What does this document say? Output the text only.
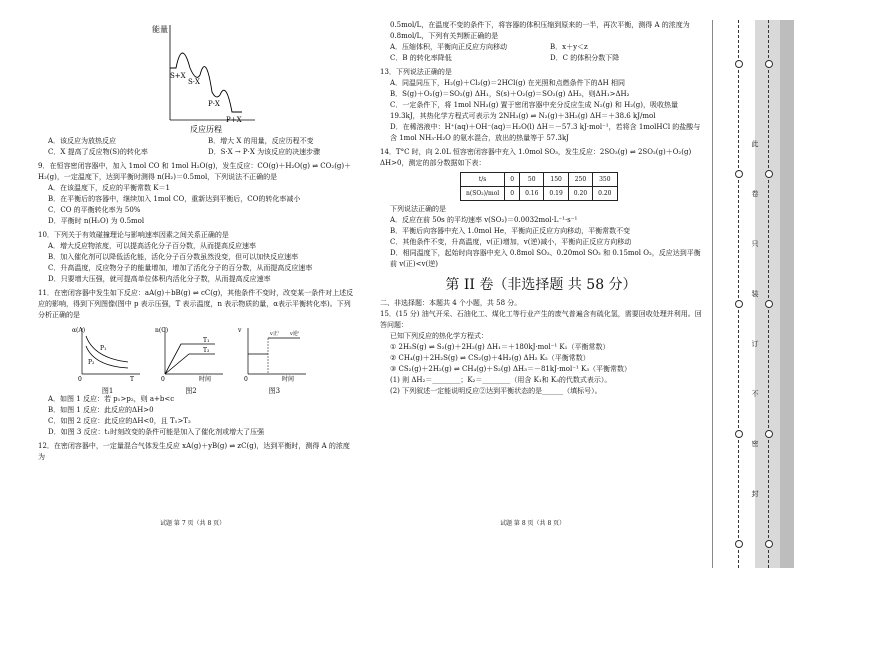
能量
反应历程
S+X
S·X
P·X
P+X

A．该反应为放热反应	B．增大 X 的用量，反应历程不变

C．X 提高了反应物(S)的转化率	D．S·X → P·X 为该反应的决速步骤

9．在恒容密闭容器中，加入 1mol CO 和 1mol H₂O(g)，发生反应：CO(g)＋H₂O(g) ⇌ CO₂(g)＋H₂(g)，一定温度下，达到平衡时测得 n(H₂)＝0.5mol，下列说法不正确的是

A．在该温度下，反应的平衡常数 K＝1

B．在平衡后的容器中，继续加入 1mol CO，重新达到平衡后，CO的转化率减小

C．CO 的平衡转化率为 50%

D．平衡时 n(H₂O) 为 0.5mol

10．下列关于有效碰撞理论与影响速率因素之间关系正确的是

A．增大反应物浓度，可以提高活化分子百分数，从而提高反应速率

B．加入催化剂可以降低活化能，活化分子百分数虽然没变，但可以加快反应速率

C．升高温度，反应物分子的能量增加，增加了活化分子的百分数，从而提高反应速率

D．只要增大压强，就可提高单位体积内活化分子数，从而提高反应速率

11．在密闭容器中发生如下反应：aA(g)＋bB(g) ⇌ cC(g)，其他条件不变时，改变某一条件对上述反应的影响，得到下列图像(图中 p 表示压强，T 表示温度，n 表示物质的量，α表示平衡转化率)。下列分析正确的是

α(A)
T
P₁
P₂
0
图1
n(C)
时间
T₁
T₂
0
图2
v
时间
v正' v逆'
0
图3

A．如图 1 反应：若 p₁>p₂，则 a+b<c

B．如图 1 反应：此反应的ΔH>0

C．如图 2 反应：此反应的ΔH<0，且 T₁>T₂

D．如图 3 反应：t₁时刻改变的条件可能是加入了催化剂或增大了压强

12．在密闭容器中，一定量混合气体发生反应 xA(g)＋yB(g) ⇌ zC(g)，达到平衡时，测得 A 的浓度为

试题 第 7 页（共 8 页）

0.5mol/L，在温度不变的条件下，将容器的体积压缩到原来的一半，再次平衡，测得 A 的浓度为 0.8mol/L，下列有关判断正确的是

A．压缩体积，平衡向正反应方向移动	B．x＋y＜z

C．B 的转化率降低	D．C 的体积分数下降

13．下列说法正确的是

A．同温同压下，H₂(g)＋Cl₂(g)＝2HCl(g) 在光照和点燃条件下的ΔH 相同

B．S(g)＋O₂(g)＝SO₂(g) ΔH₁，S(s)＋O₂(g)＝SO₂(g) ΔH₂，则ΔH₁>ΔH₂

C．一定条件下，将 1mol NH₃(g) 置于密闭容器中充分反应生成 N₂(g) 和 H₂(g)，吸收热量 19.3kJ，其热化学方程式可表示为 2NH₃(g) ⇌ N₂(g)＋3H₂(g) ΔH＝＋38.6 kJ/mol

D．在稀溶液中：H⁺(aq)＋OH⁻(aq)＝H₂O(l) ΔH＝－57.3 kJ·mol⁻¹，若将含 1molHCl 的盐酸与含 1mol NH₃·H₂O 的氨水混合，放出的热量等于 57.3kJ

14．T°C 时，向 2.0L 恒容密闭容器中充入 1.0mol SO₃，发生反应：2SO₃(g) ⇌ 2SO₂(g)＋O₂(g) ΔH>0，测定的部分数据如下表：

t/s	0	50	150	250	350
n(SO₂)/mol	0	0.16	0.19	0.20	0.20

下列说法正确的是

A．反应在前 50s 的平均速率 v(SO₂)＝0.0032mol·L⁻¹·s⁻¹

B．平衡后向容器中充入 1.0mol He，平衡向正反应方向移动，平衡常数不变

C．其他条件不变，升高温度，v(正)增加，v(逆)减小，平衡向正反应方向移动

D．相同温度下，起始时向容器中充入 0.8mol SO₃、0.20mol SO₂ 和 0.15mol O₂，反应达到平衡前 v(正)<v(逆)

第 II 卷（非选择题 共 58 分）

二、非选择题：本题共 4 个小题，共 58 分。

15．(15 分) 油气开采、石油化工、煤化工等行业产生的废气普遍含有硫化氢，需要回收处理并利用。回答问题：

已知下列反应的热化学方程式：

① 2H₂S(g) ⇌ S₂(g)＋2H₂(g) ΔH₁＝＋180kJ·mol⁻¹ K₁（平衡常数）

② CH₄(g)＋2H₂S(g) ⇌ CS₂(g)＋4H₂(g) ΔH₂ K₂（平衡常数）

③ CS₂(g)＋2H₂(g) ⇌ CH₄(g)＋S₂(g) ΔH₃＝－81kJ·mol⁻¹ K₃（平衡常数）

(1) 则 ΔH₂＝________；K₂＝________（用含 K₁和 K₃的代数式表示）。

(2) 下列叙述一定能说明反应②达到平衡状态的是______（填标号）。

试题 第 8 页（共 8 页）
此
卷
只
装
订
不
密
封
